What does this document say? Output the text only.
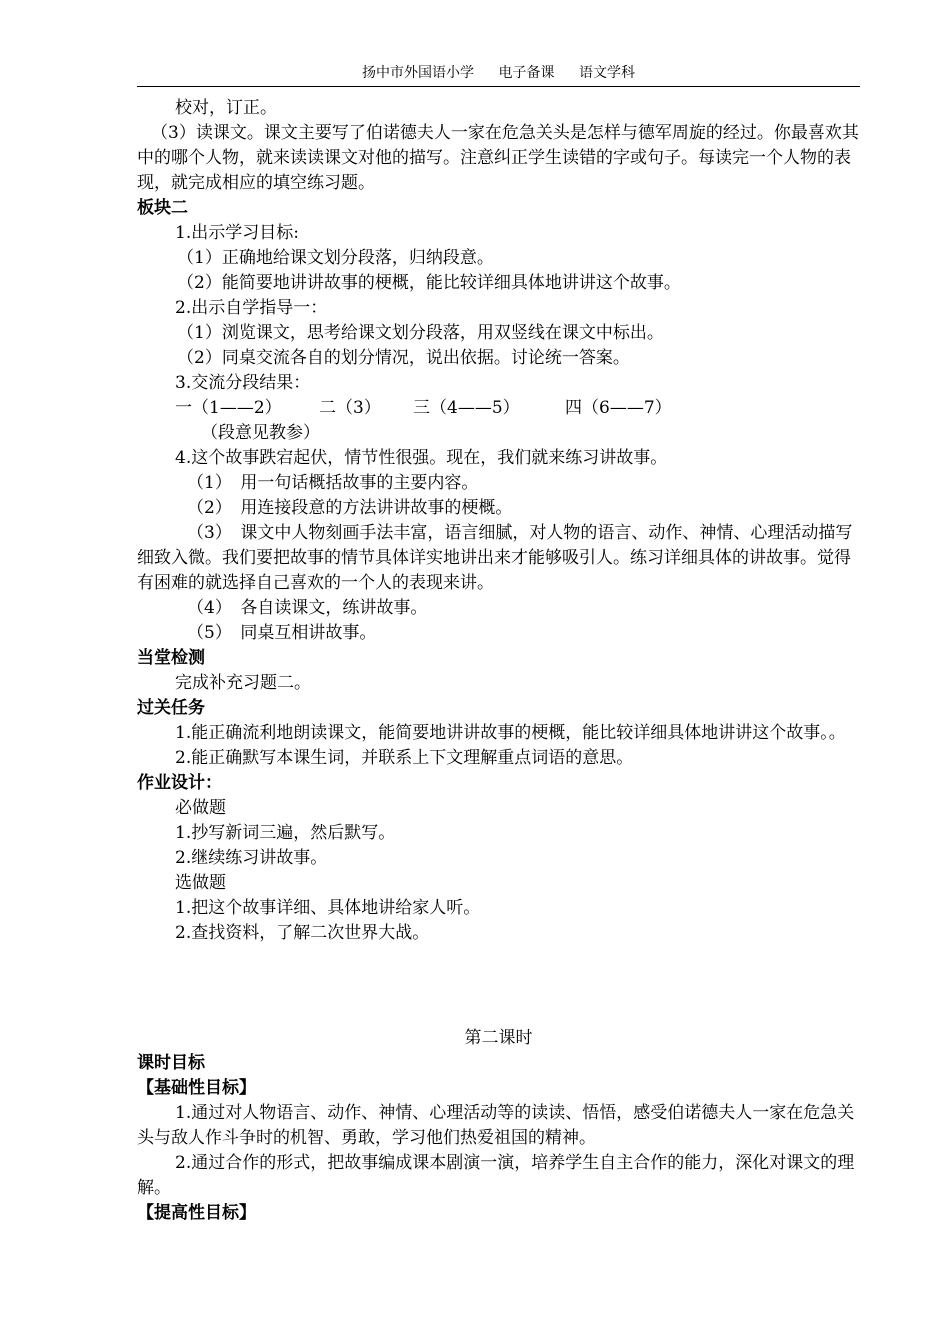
扬中市外国语小学 电子备课 语文学科

校对，订正。

（3）读课文。课文主要写了伯诺德夫人一家在危急关头是怎样与德军周旋的经过。你最喜欢其中的哪个人物，就来读读课文对他的描写。注意纠正学生读错的字或句子。每读完一个人物的表现，就完成相应的填空练习题。

板块二

1.出示学习目标:

（1）正确地给课文划分段落，归纳段意。

（2）能简要地讲讲故事的梗概，能比较详细具体地讲讲这个故事。

2.出示自学指导一：

（1）浏览课文，思考给课文划分段落，用双竖线在课文中标出。

（2）同桌交流各自的划分情况，说出依据。讨论统一答案。

3.交流分段结果：

一（1——2） 二（3） 三（4——5）	四（6——7）

（段意见教参）

4.这个故事跌宕起伏，情节性很强。现在，我们就来练习讲故事。

（1）　用一句话概括故事的主要内容。

（2）　用连接段意的方法讲讲故事的梗概。

（3）　课文中人物刻画手法丰富，语言细腻，对人物的语言、动作、神情、心理活动描写细致入微。我们要把故事的情节具体详实地讲出来才能够吸引人。练习详细具体的讲故事。觉得有困难的就选择自己喜欢的一个人的表现来讲。

（4）　各自读课文，练讲故事。

（5）　同桌互相讲故事。

当堂检测

完成补充习题二。

过关任务

1.能正确流利地朗读课文，能简要地讲讲故事的梗概，能比较详细具体地讲讲这个故事。。

2.能正确默写本课生词，并联系上下文理解重点词语的意思。

作业设计：

必做题

1.抄写新词三遍，然后默写。

2.继续练习讲故事。

选做题

1.把这个故事详细、具体地讲给家人听。

2.查找资料，了解二次世界大战。

第二课时

课时目标

【基础性目标】

1.通过对人物语言、动作、神情、心理活动等的读读、悟悟，感受伯诺德夫人一家在危急关头与敌人作斗争时的机智、勇敢，学习他们热爱祖国的精神。

2.通过合作的形式，把故事编成课本剧演一演，培养学生自主合作的能力，深化对课文的理解。

【提高性目标】
